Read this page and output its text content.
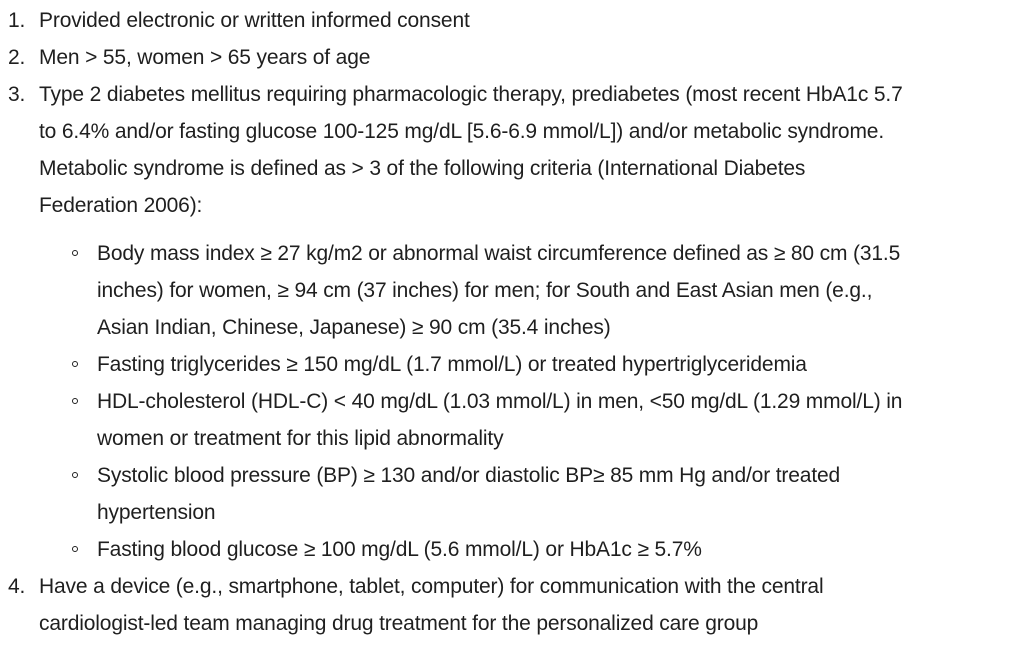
1. Provided electronic or written informed consent
2. Men > 55, women > 65 years of age
3. Type 2 diabetes mellitus requiring pharmacologic therapy, prediabetes (most recent HbA1c 5.7
to 6.4% and/or fasting glucose 100-125 mg/dL [5.6-6.9 mmol/L]) and/or metabolic syndrome.
Metabolic syndrome is defined as > 3 of the following criteria (International Diabetes
Federation 2006):
Body mass index ≥ 27 kg/m2 or abnormal waist circumference defined as ≥ 80 cm (31.5
inches) for women, ≥ 94 cm (37 inches) for men; for South and East Asian men (e.g.,
Asian Indian, Chinese, Japanese) ≥ 90 cm (35.4 inches)
Fasting triglycerides ≥ 150 mg/dL (1.7 mmol/L) or treated hypertriglyceridemia
HDL-cholesterol (HDL-C) < 40 mg/dL (1.03 mmol/L) in men, <50 mg/dL (1.29 mmol/L) in
women or treatment for this lipid abnormality
Systolic blood pressure (BP) ≥ 130 and/or diastolic BP≥ 85 mm Hg and/or treated
hypertension
Fasting blood glucose ≥ 100 mg/dL (5.6 mmol/L) or HbA1c ≥ 5.7%
4. Have a device (e.g., smartphone, tablet, computer) for communication with the central
cardiologist-led team managing drug treatment for the personalized care group
